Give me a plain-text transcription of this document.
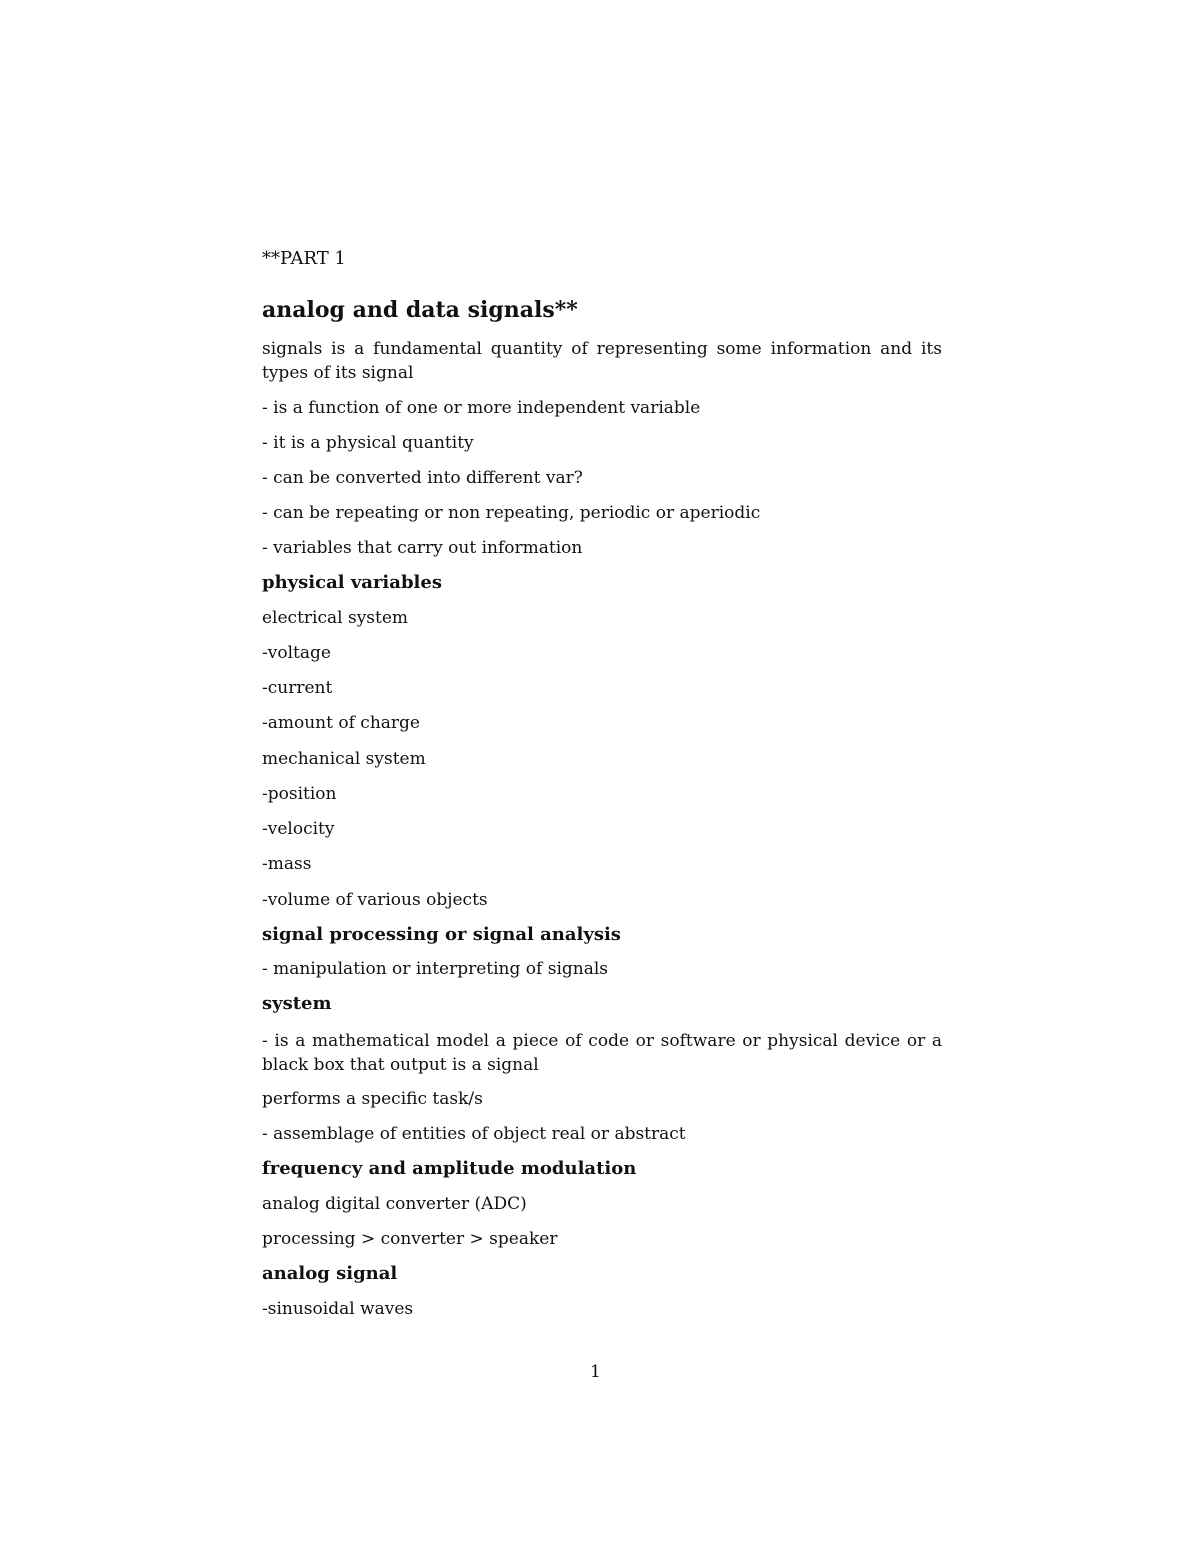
**PART 1
analog and data signals**
signals is a fundamental quantity of representing some information and its types of its signal
- is a function of one or more independent variable
- it is a physical quantity
- can be converted into different var?
- can be repeating or non repeating, periodic or aperiodic
- variables that carry out information
physical variables
electrical system
-voltage
-current
-amount of charge
mechanical system
-position
-velocity
-mass
-volume of various objects
signal processing or signal analysis
- manipulation or interpreting of signals
system
- is a mathematical model a piece of code or software or physical device or a black box that output is a signal
performs a specific task/s
- assemblage of entities of object real or abstract
frequency and amplitude modulation
analog digital converter (ADC)
processing > converter > speaker
analog signal
-sinusoidal waves
1
